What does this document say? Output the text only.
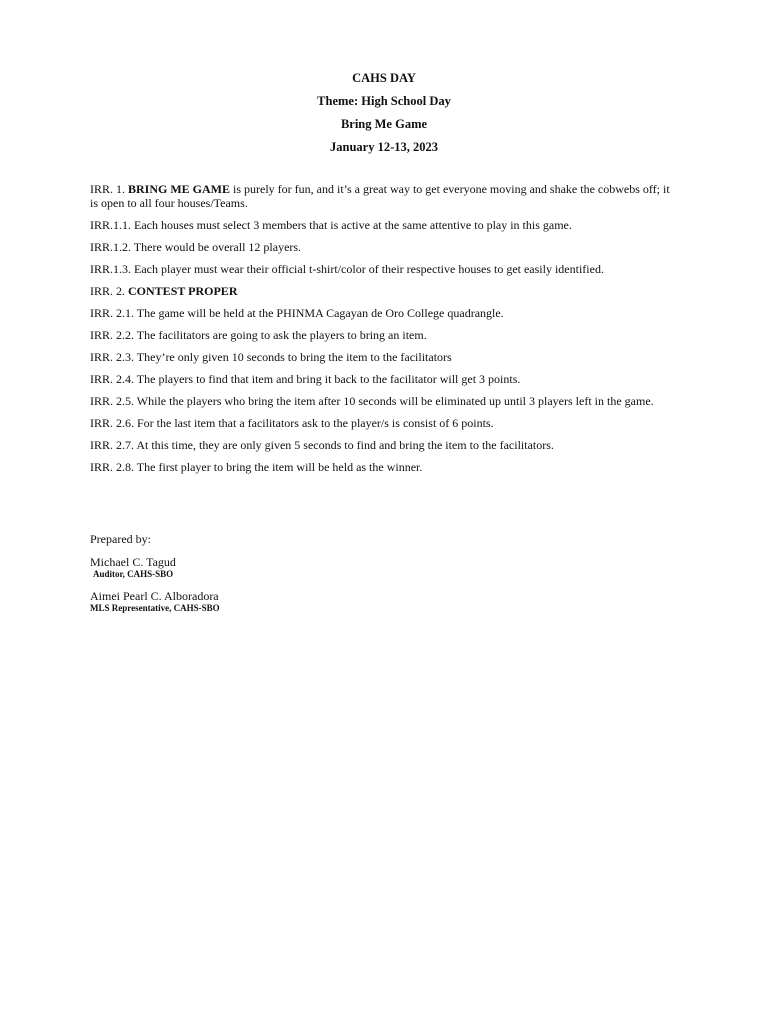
CAHS DAY
Theme: High School Day
Bring Me Game
January 12-13, 2023

IRR. 1. BRING ME GAME is purely for fun, and it’s a great way to get everyone moving and shake the cobwebs off; it is open to all four houses/Teams.

IRR.1.1. Each houses must select 3 members that is active at the same attentive to play in this game.

IRR.1.2. There would be overall 12 players.

IRR.1.3. Each player must wear their official t-shirt/color of their respective houses to get easily identified.

IRR. 2. CONTEST PROPER

IRR. 2.1. The game will be held at the PHINMA Cagayan de Oro College quadrangle.

IRR. 2.2. The facilitators are going to ask the players to bring an item.

IRR. 2.3. They’re only given 10 seconds to bring the item to the facilitators

IRR. 2.4. The players to find that item and bring it back to the facilitator will get 3 points.

IRR. 2.5. While the players who bring the item after 10 seconds will be eliminated up until 3 players left in the game.

IRR. 2.6. For the last item that a facilitators ask to the player/s is consist of 6 points.

IRR. 2.7. At this time, they are only given 5 seconds to find and bring the item to the facilitators.

IRR. 2.8. The first player to bring the item will be held as the winner.

Prepared by:
Michael C. Tagud
Auditor, CAHS-SBO
Aimei Pearl C. Alboradora
MLS Representative, CAHS-SBO
